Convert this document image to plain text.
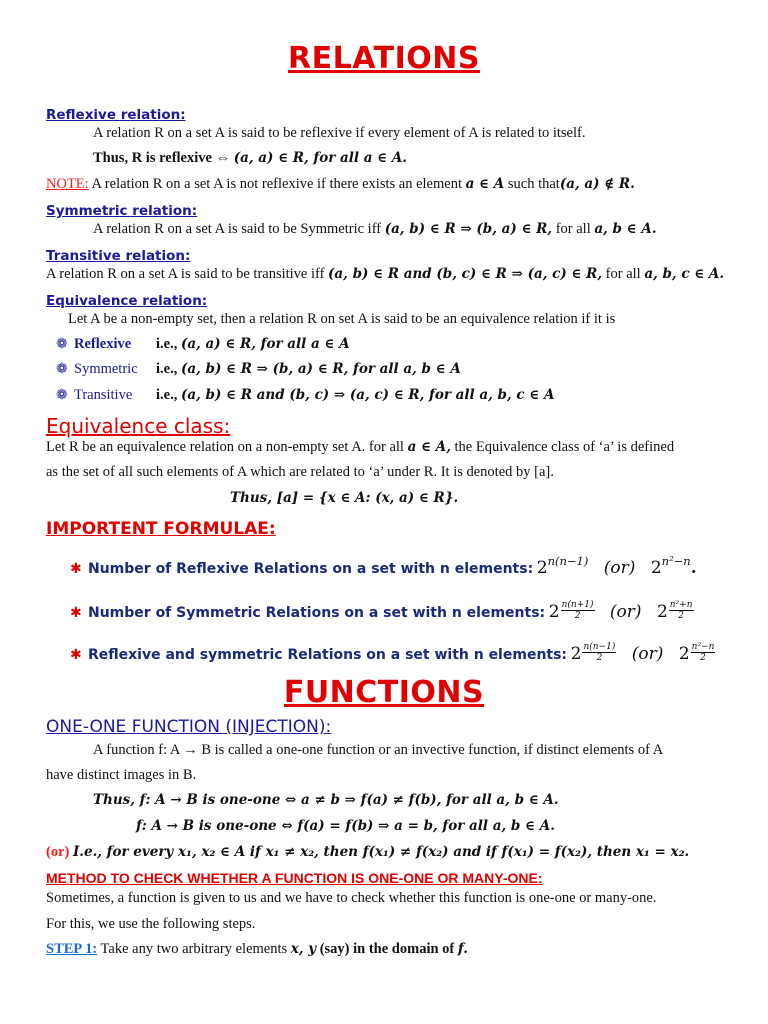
RELATIONS
Reflexive relation:
A relation R on a set A is said to be reflexive if every element of A is related to itself.
Thus, R is reflexive ⇔ (a, a) ∈ R, for all a ∈ A.
NOTE: A relation R on a set A is not reflexive if there exists an element a ∈ A such that(a, a) ∉ R.
Symmetric relation:
A relation R on a set A is said to be Symmetric iff (a, b) ∈ R ⇒ (b, a) ∈ R, for all a, b ∈ A.
Transitive relation:
A relation R on a set A is said to be transitive iff (a, b) ∈ R and (b, c) ∈ R ⇒ (a, c) ∈ R, for all a, b, c ∈ A.
Equivalence relation:
Let A be a non-empty set, then a relation R on set A is said to be an equivalence relation if it is
❁ Reflexive i.e., (a, a) ∈ R, for all a ∈ A
❁ Symmetric i.e., (a, b) ∈ R ⇒ (b, a) ∈ R, for all a, b ∈ A
❁ Transitive i.e., (a, b) ∈ R and (b, c) ⇒ (a, c) ∈ R, for all a, b, c ∈ A
Equivalence class:
Let R be an equivalence relation on a non-empty set A. for all a ∈ A, the Equivalence class of ‘a’ is defined
as the set of all such elements of A which are related to ‘a’ under R. It is denoted by [a].
Thus, [a] = {x ∈ A: (x, a) ∈ R}.
IMPORTENT FORMULAE:
✱ Number of Reflexive Relations on a set with n elements: $2^{n(n-1)}$ (or) $2^{n^2-n}$.
✱ Number of Symmetric Relations on a set with n elements: $2 \frac{n(n+1)}{2} (or)$ $2 \frac{\text{n²+n}}{2}$
✱ Reflexive and symmetric Relations on a set with n elements: $2 \frac{n(n-1)}{2} (or)$ $2 \frac{\text{n²−n}}{2}$
FUNCTIONS
ONE-ONE FUNCTION (INJECTION):
A function f: A → B is called a one-one function or an invective function, if distinct elements of A
have distinct images in B.
Thus, f: A → B is one-one ⇔ a ≠ b ⇒ f(a) ≠ f(b), for all a, b ∈ A.
f: A → B is one-one ⇔ f(a) = f(b) ⇒ a = b, for all a, b ∈ A.
(or) I.e., for every x₁, x₂ ∈ A if x₁ ≠ x₂, then f(x₁) ≠ f(x₂) and if f(x₁) = f(x₂), then x₁ = x₂.
METHOD TO CHECK WHETHER A FUNCTION IS ONE-ONE OR MANY-ONE:
Sometimes, a function is given to us and we have to check whether this function is one-one or many-one.
For this, we use the following steps.
STEP 1: Take any two arbitrary elements x, y (say) in the domain of f.
